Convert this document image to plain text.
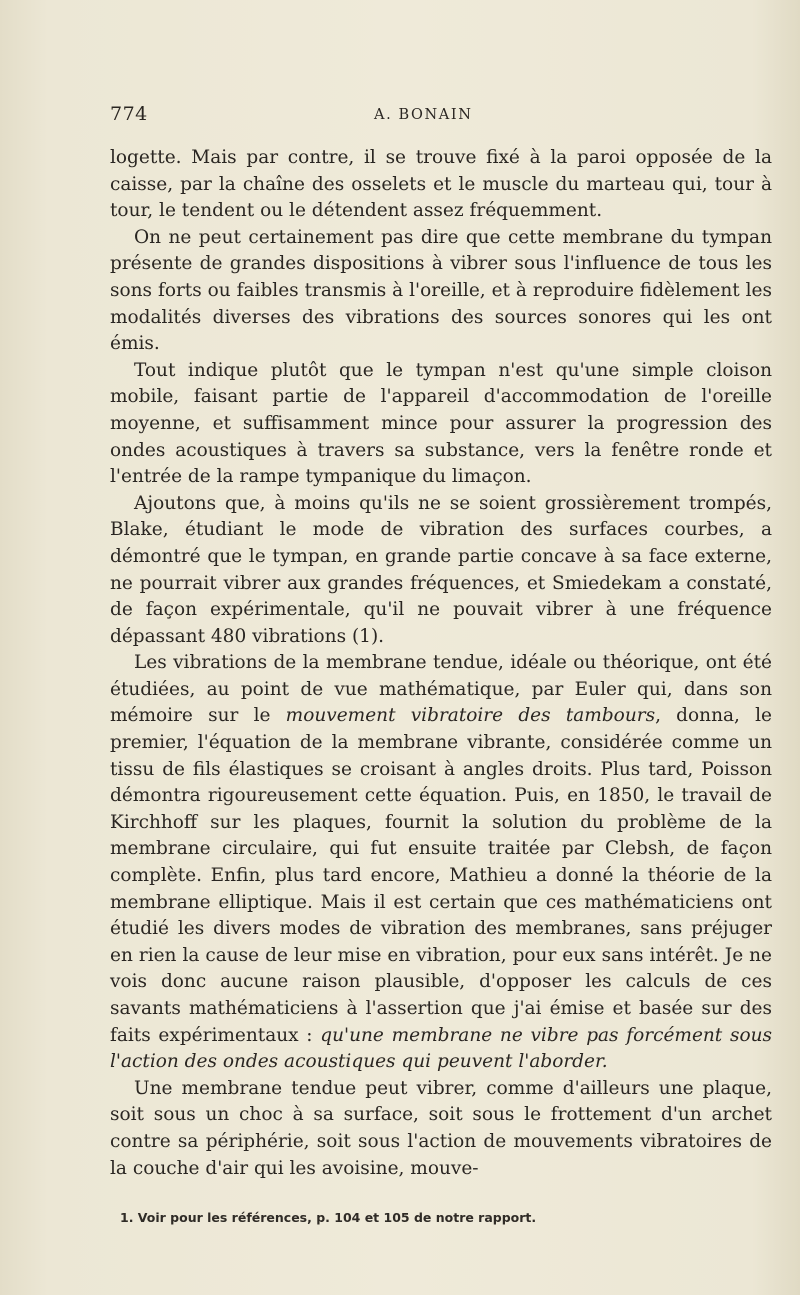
774	A. BONAIN

logette. Mais par contre, il se trouve fixé à la paroi opposée de la caisse, par la chaîne des osselets et le muscle du marteau qui, tour à tour, le tendent ou le détendent assez fréquemment.

On ne peut certainement pas dire que cette membrane du tympan présente de grandes dispositions à vibrer sous l'influence de tous les sons forts ou faibles transmis à l'oreille, et à reproduire fidèlement les modalités diverses des vibrations des sources sonores qui les ont émis.

Tout indique plutôt que le tympan n'est qu'une simple cloison mobile, faisant partie de l'appareil d'accommodation de l'oreille moyenne, et suffisamment mince pour assurer la progression des ondes acoustiques à travers sa substance, vers la fenêtre ronde et l'entrée de la rampe tympanique du limaçon.

Ajoutons que, à moins qu'ils ne se soient grossièrement trompés, Blake, étudiant le mode de vibration des surfaces courbes, a démontré que le tympan, en grande partie concave à sa face externe, ne pourrait vibrer aux grandes fréquences, et Smiedekam a constaté, de façon expérimentale, qu'il ne pouvait vibrer à une fréquence dépassant 480 vibrations (1).

Les vibrations de la membrane tendue, idéale ou théorique, ont été étudiées, au point de vue mathématique, par Euler qui, dans son mémoire sur le mouvement vibratoire des tambours, donna, le premier, l'équation de la membrane vibrante, considérée comme un tissu de fils élastiques se croisant à angles droits. Plus tard, Poisson démontra rigoureusement cette équation. Puis, en 1850, le travail de Kirchhoff sur les plaques, fournit la solution du problème de la membrane circulaire, qui fut ensuite traitée par Clebsh, de façon complète. Enfin, plus tard encore, Mathieu a donné la théorie de la membrane elliptique. Mais il est certain que ces mathématiciens ont étudié les divers modes de vibration des membranes, sans préjuger en rien la cause de leur mise en vibration, pour eux sans intérêt. Je ne vois donc aucune raison plausible, d'opposer les calculs de ces savants mathématiciens à l'assertion que j'ai émise et basée sur des faits expérimentaux : qu'une membrane ne vibre pas forcément sous l'action des ondes acoustiques qui peuvent l'aborder.

Une membrane tendue peut vibrer, comme d'ailleurs une plaque, soit sous un choc à sa surface, soit sous le frottement d'un archet contre sa périphérie, soit sous l'action de mouvements vibratoires de la couche d'air qui les avoisine, mouve-

1. Voir pour les références, p. 104 et 105 de notre rapport.
